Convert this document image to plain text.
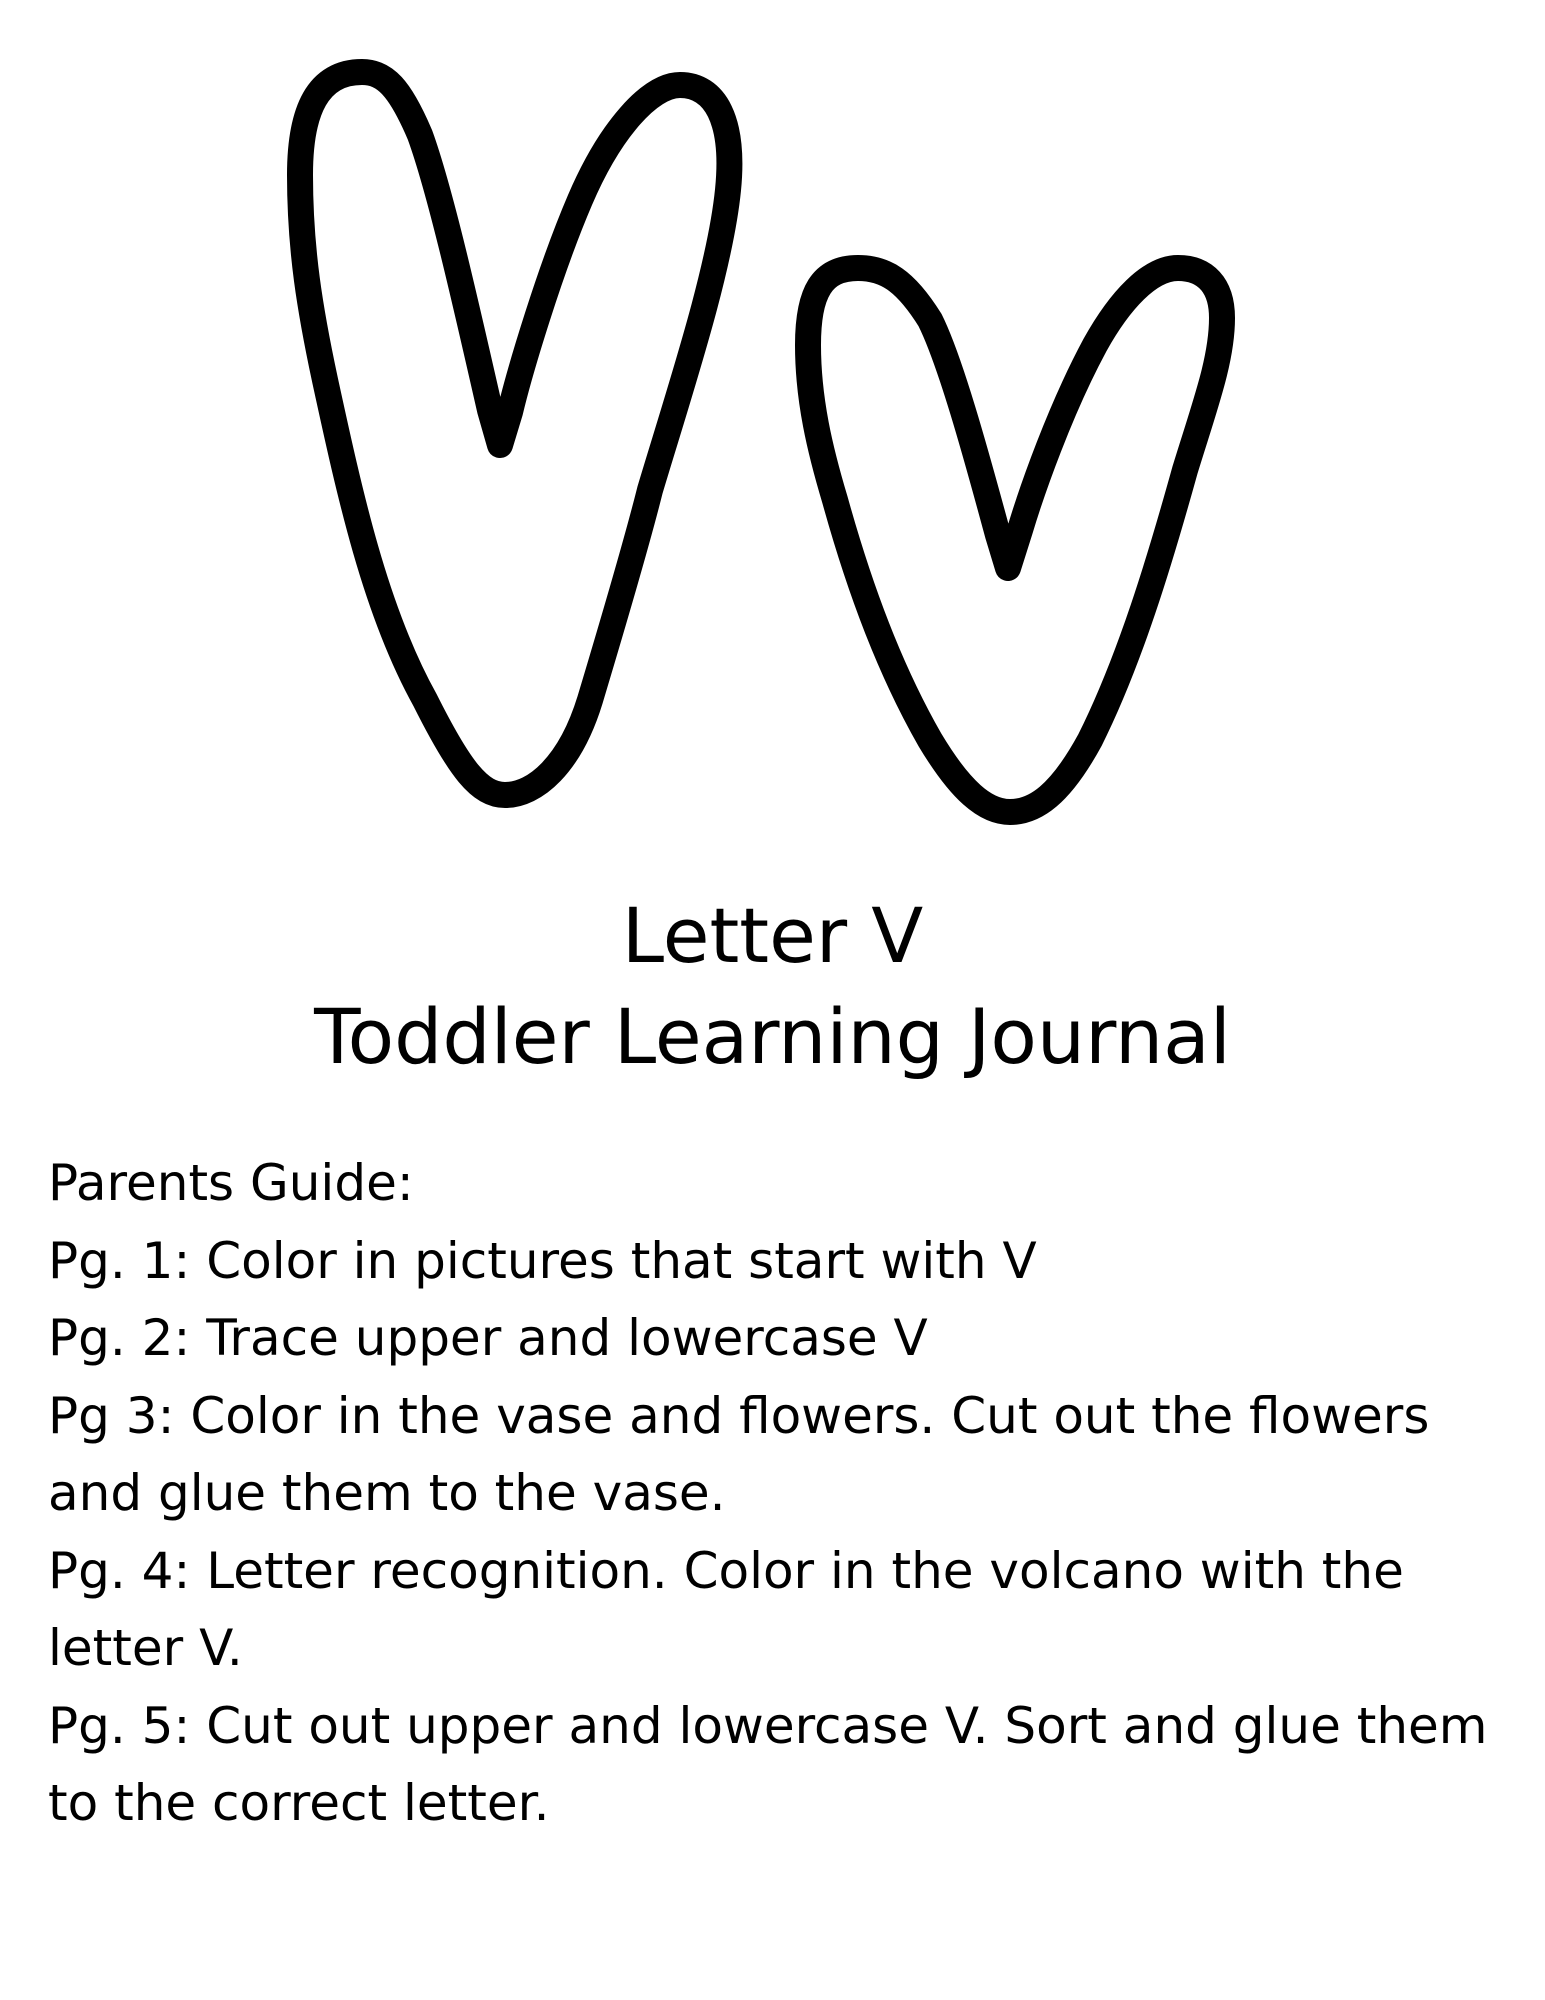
Letter V
Toddler Learning Journal

Parents Guide:

Pg. 1: Color in pictures that start with V

Pg. 2: Trace upper and lowercase V

Pg 3: Color in the vase and flowers. Cut out the flowers and glue them to the vase.

Pg. 4: Letter recognition. Color in the volcano with the letter V.

Pg. 5: Cut out upper and lowercase V. Sort and glue them to the correct letter.
